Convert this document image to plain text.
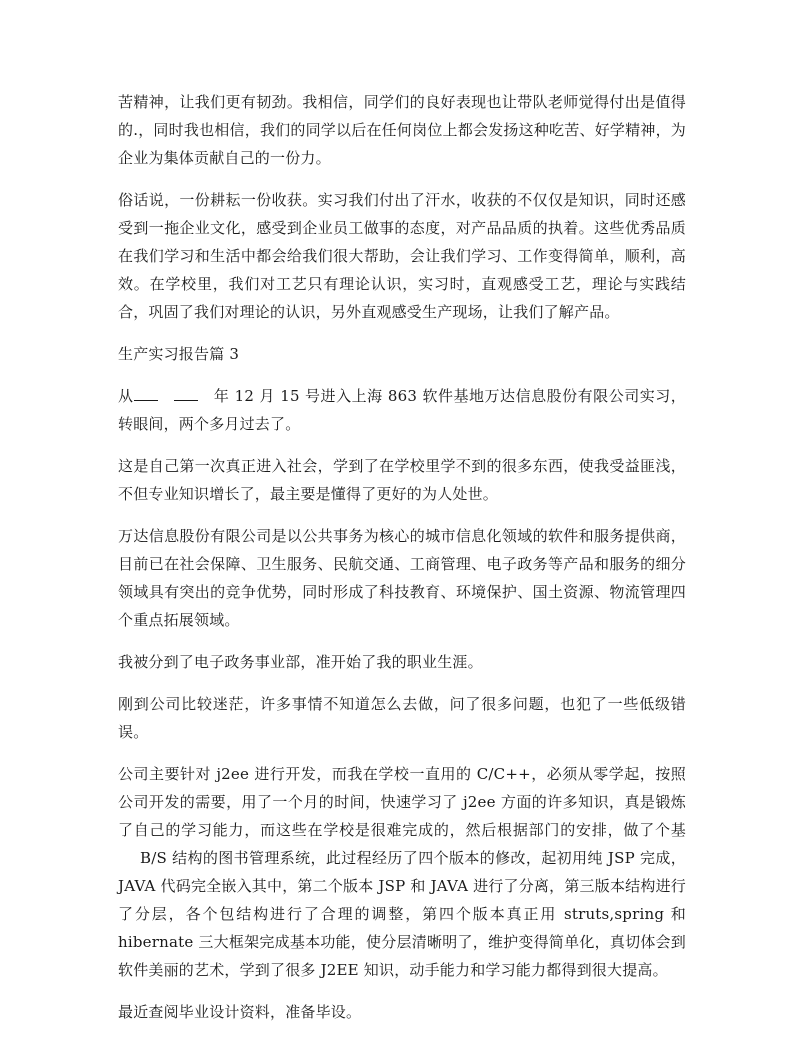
苦精神，让我们更有韧劲。我相信，同学们的良好表现也让带队老师觉得付出是值得的.，同时我也相信，我们的同学以后在任何岗位上都会发扬这种吃苦、好学精神，为企业为集体贡献自己的一份力。

俗话说，一份耕耘一份收获。实习我们付出了汗水，收获的不仅仅是知识，同时还感受到一拖企业文化，感受到企业员工做事的态度，对产品品质的执着。这些优秀品质在我们学习和生活中都会给我们很大帮助，会让我们学习、工作变得简单，顺利，高效。在学校里，我们对工艺只有理论认识，实习时，直观感受工艺，理论与实践结合，巩固了我们对理论的认识，另外直观感受生产现场，让我们了解产品。

生产实习报告篇 3

从	年 12 月 15 号进入上海 863 软件基地万达信息股份有限公司实习，转眼间，两个多月过去了。

这是自己第一次真正进入社会，学到了在学校里学不到的很多东西，使我受益匪浅，不但专业知识增长了，最主要是懂得了更好的为人处世。

万达信息股份有限公司是以公共事务为核心的城市信息化领域的软件和服务提供商，目前已在社会保障、卫生服务、民航交通、工商管理、电子政务等产品和服务的细分领域具有突出的竞争优势，同时形成了科技教育、环境保护、国土资源、物流管理四个重点拓展领域。

我被分到了电子政务事业部，准开始了我的职业生涯。

刚到公司比较迷茫，许多事情不知道怎么去做，问了很多问题，也犯了一些低级错误。

公司主要针对 j2ee 进行开发，而我在学校一直用的 C/C++，必须从零学起，按照公司开发的需要，用了一个月的时间，快速学习了 j2ee 方面的许多知识，真是锻炼了自己的学习能力，而这些在学校是很难完成的，然后根据部门的安排，做了个基B/S 结构的图书管理系统，此过程经历了四个版本的修改，起初用纯 JSP 完成，JAVA 代码完全嵌入其中，第二个版本 JSP 和 JAVA 进行了分离，第三版本结构进行了分层，各个包结构进行了合理的调整，第四个版本真正用 struts,spring 和 hibernate 三大框架完成基本功能，使分层清晰明了，维护变得简单化，真切体会到软件美丽的艺术，学到了很多 J2EE 知识，动手能力和学习能力都得到很大提高。

最近查阅毕业设计资料，准备毕设。
